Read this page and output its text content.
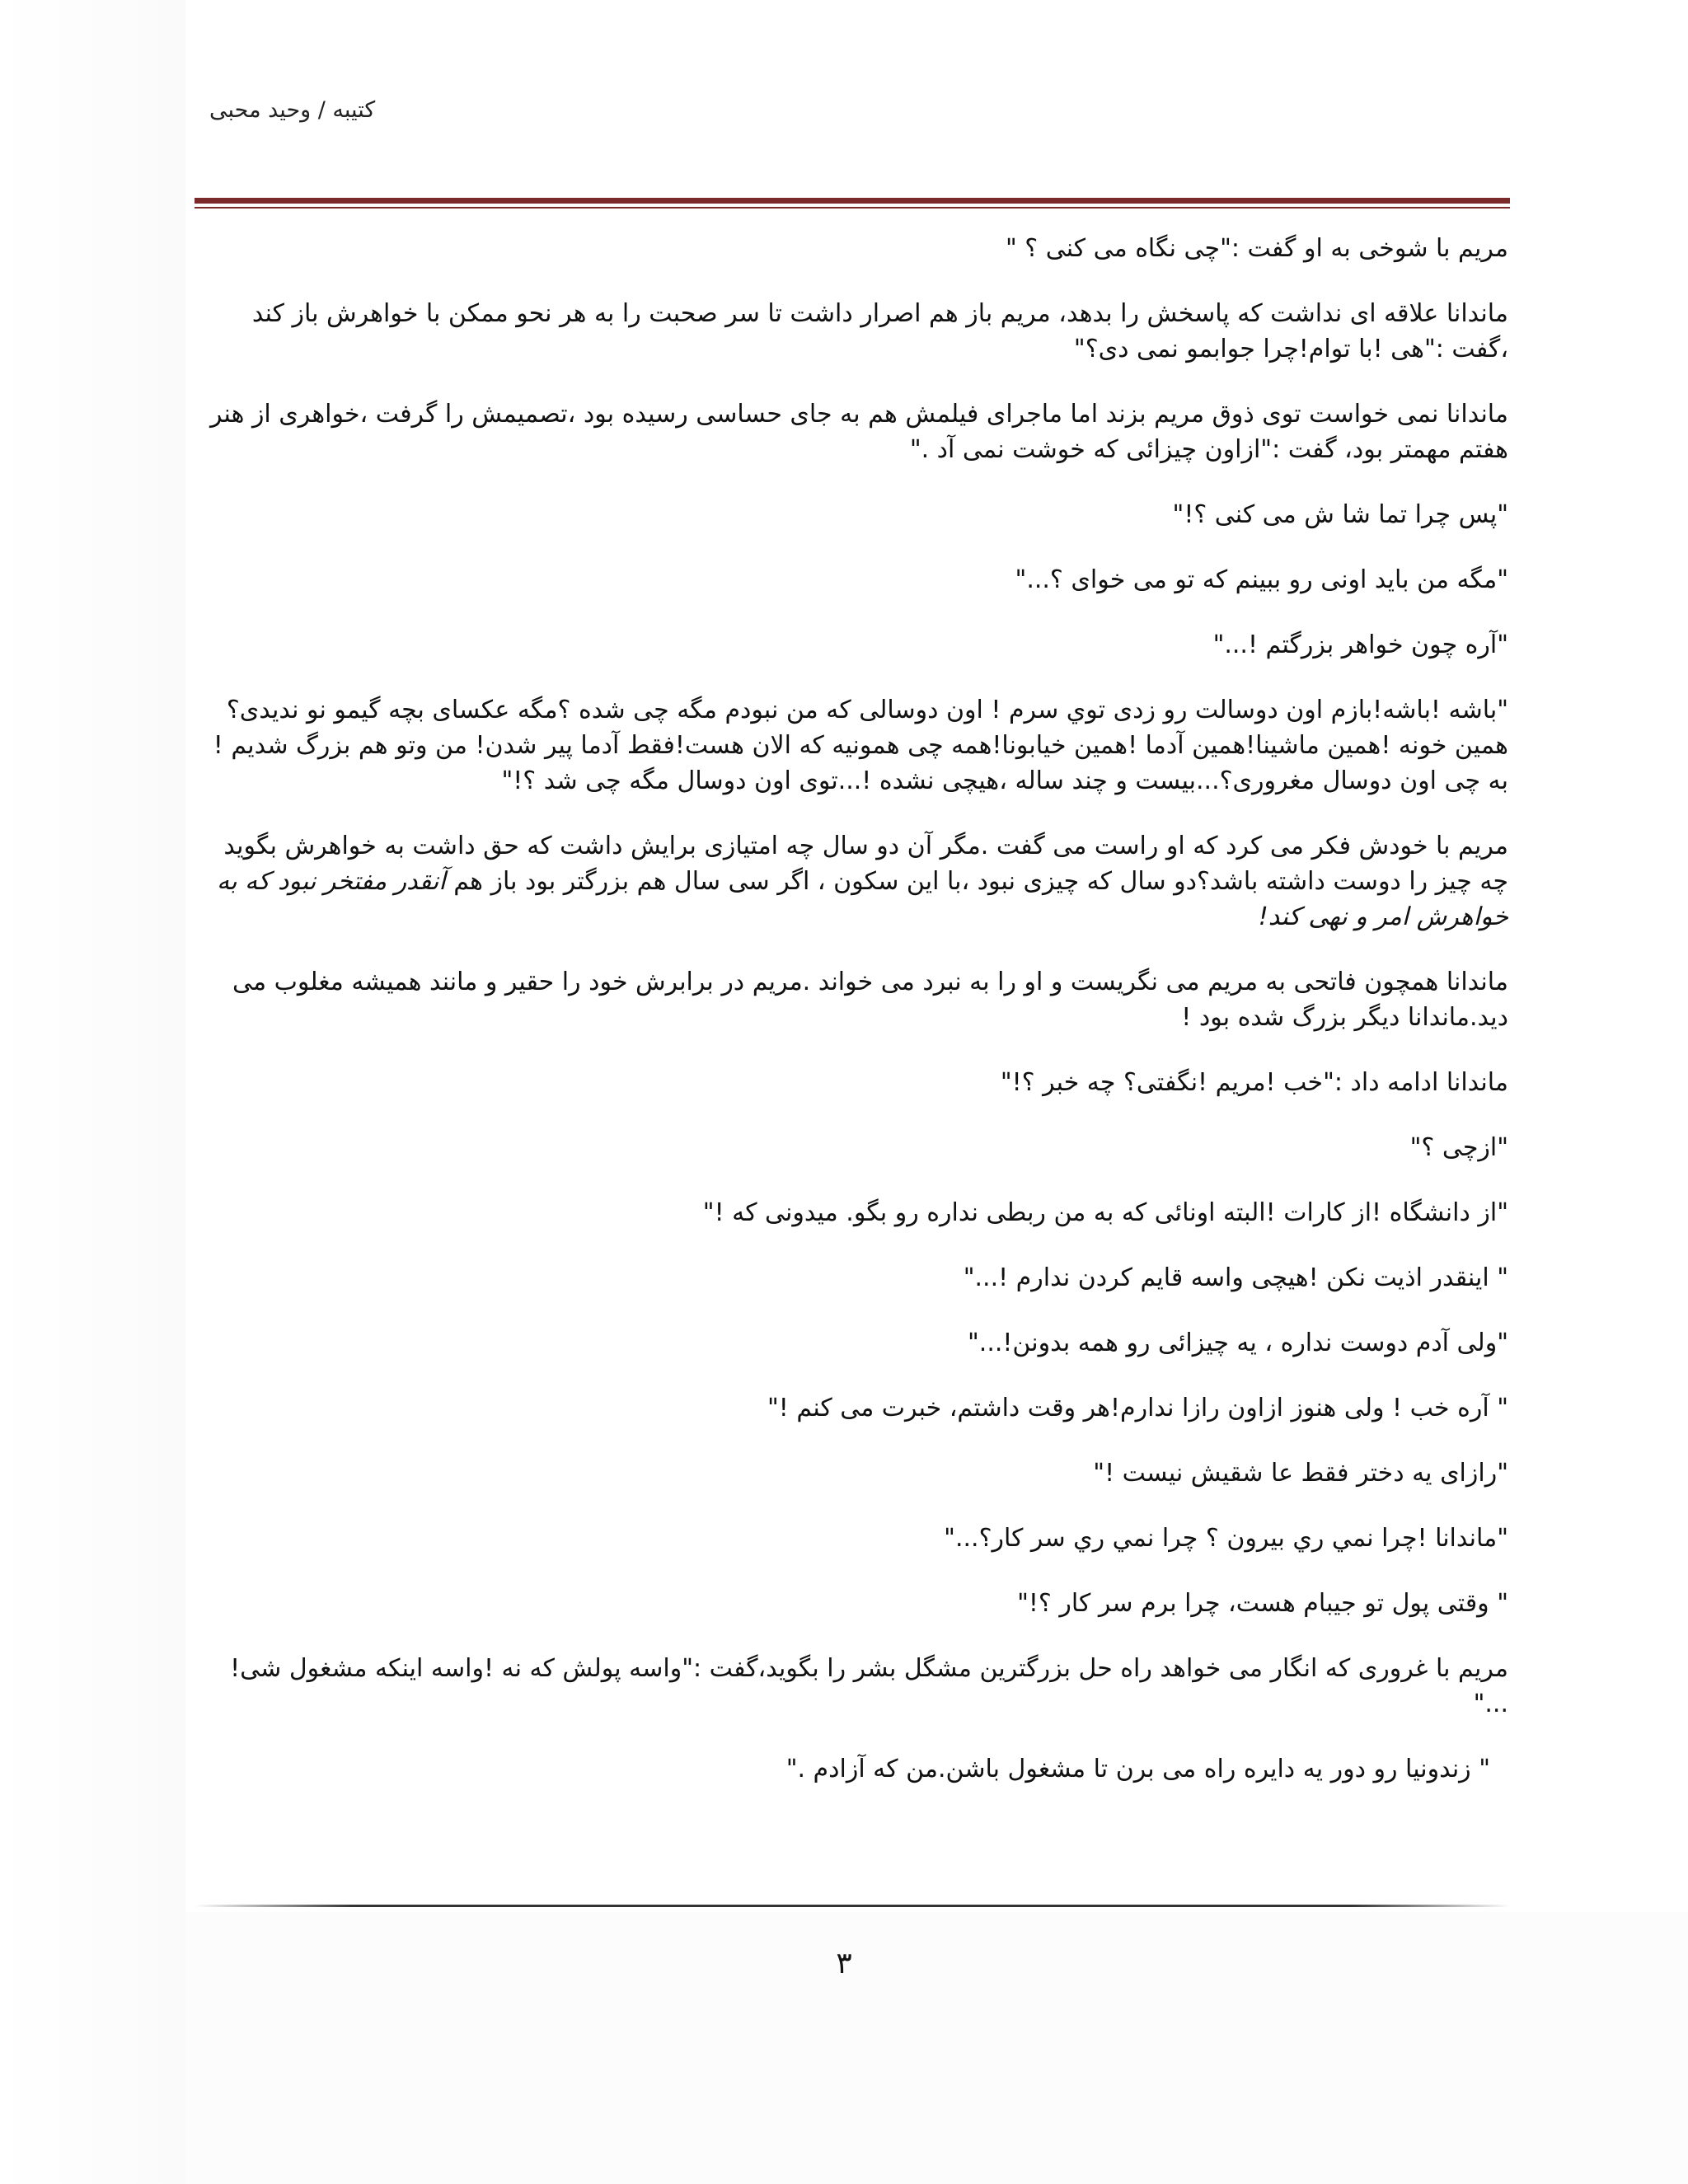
کتیبه / وحید محبی

مریم با شوخی به او گفت :"چی نگاه می کنی ؟ "

ماندانا علاقه ای نداشت که پاسخش را بدهد، مریم باز هم اصرار داشت تا سر صحبت را به هر نحو ممکن با خواهرش باز کند ،گفت :"هی !با توام!چرا جوابمو نمی دی؟"

ماندانا نمی خواست توی ذوق مریم بزند اما ماجرای فیلمش هم به جای حساسی رسیده بود ،تصمیمش را گرفت ،خواهری از هنر هفتم مهمتر بود، گفت :"ازاون چیزائی که خوشت نمی آد ."

"پس چرا تما شا ش می کنی ؟!"

"مگه من باید اونی رو ببینم که تو می خوای ؟..."

"آره چون خواهر بزرگتم !..."

"باشه !باشه!بازم اون دوسالت رو زدی توي سرم ! اون دوسالی که من نبودم مگه چی شده ؟مگه عکسای بچه گیمو نو ندیدی؟همین خونه !همین ماشینا!همین آدما !همین خیابونا!همه چی همونیه که الان هست!فقط آدما پیر شدن! من وتو هم بزرگ شدیم ! به چی اون دوسال مغروری؟...بیست و چند ساله ،هیچی نشده !...توی اون دوسال مگه چی شد ؟!"

مریم با خودش فکر می کرد که او راست می گفت .مگر آن دو سال چه امتیازی برایش داشت که حق داشت به خواهرش بگوید چه چیز را دوست داشته باشد؟دو سال که چیزی نبود ،با این سکون ، اگر سی سال هم بزرگتر بود باز هم آنقدر مفتخر نبود که به خواهرش امر و نهی کند!

ماندانا همچون فاتحی به مریم می نگریست و او را به نبرد می خواند .مریم در برابرش خود را حقیر و مانند همیشه مغلوب می دید.ماندانا دیگر بزرگ شده بود !

ماندانا ادامه داد :"خب !مریم !نگفتی؟ چه خبر ؟!"

"ازچی ؟"

"از دانشگاه !از کارات !البته اونائی که به من ربطی نداره رو بگو. میدونی که !"

" اینقدر اذیت نکن !هیچی واسه قایم کردن ندارم !..."

"ولی آدم دوست نداره ، یه چیزائی رو همه بدونن!..."

" آره خب ! ولی هنوز ازاون رازا ندارم!هر وقت داشتم، خبرت می کنم !"

"رازای یه دختر فقط عا شقیش نیست !"

"ماندانا !چرا نمي ري بیرون ؟ چرا نمي ري سر کار؟..."

" وقتی پول تو جیبام هست، چرا برم سر کار ؟!"

مریم با غروری که انگار می خواهد راه حل بزرگترین مشگل بشر را بگوید،گفت :"واسه پولش که نه !واسه اینکه مشغول شی! ..."

" زندونیا رو دور یه دایره راه می برن تا مشغول باشن.من که آزادم ."

۳
